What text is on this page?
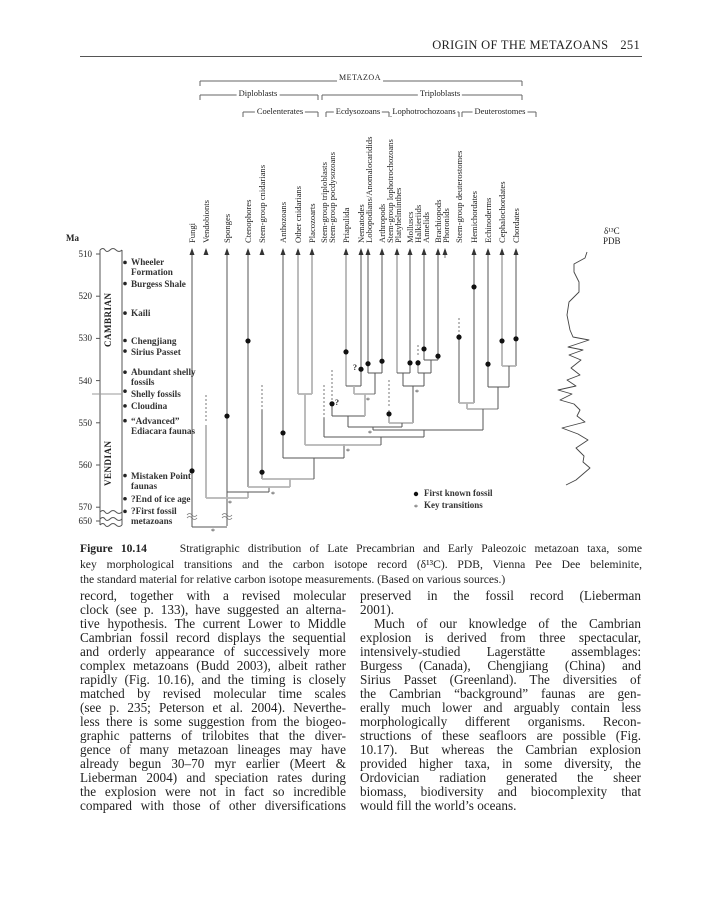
ORIGIN OF THE METAZOANS 251
*
*
*
*
*
*
*
*
METAZOA
Diploblasts	Triploblasts
Coelenterates	Ecdysozoans Lophotrochozoans Deuterostomes
Ma
CAMBRIAN
VENDIAN
δ¹³C
PDB
First known fossil
Key transitions
?
?
510
520
530
540
550
560
570
650
Wheeler
Formation
Burgess Shale
Kaili
Chengjiang
Sirius Passet
Abundant shelly
fossils
Shelly fossils
Cloudina
“Advanced”
Ediacara faunas
Mistaken Point
faunas
?End of ice age
?First fossil
metazoans
Fungi Vendobionts Sponges Ctenophores Stem-group cnidarians Anthozoans Other cnidarians Placozoarts Stem-group triploblasts
Stem-group pocdysozoans Priapulida Nematodes
Lobopodians/Anomalocaridids Arthropods
Stem-group lophotrochozoans
Platyhelminthes Molluscs
Halkieriids
Annelids Brachiopods
Phoronids Stem-group deuterostomes Hemichordates Echinoderms Cephalochordates Chordates
Figure 10.14	Stratigraphic distribution of Late Precambrian and Early Paleozoic metazoan taxa, some
key morphological transitions and the carbon isotope record (δ¹³C). PDB, Vienna Pee Dee beleminite,
the standard material for relative carbon isotope measurements. (Based on various sources.)
record, together with a revised molecular
clock (see p. 133), have suggested an alterna-
tive hypothesis. The current Lower to Middle
Cambrian fossil record displays the sequential
and orderly appearance of successively more
complex metazoans (Budd 2003), albeit rather
rapidly (Fig. 10.16), and the timing is closely
matched by revised molecular time scales
(see p. 235; Peterson et al. 2004). Neverthe-
less there is some suggestion from the biogeo-
graphic patterns of trilobites that the diver-
gence of many metazoan lineages may have
already begun 30–70 myr earlier (Meert &
Lieberman 2004) and speciation rates during
the explosion were not in fact so incredible
compared with those of other diversifications
preserved in the fossil record (Lieberman
2001).
Much of our knowledge of the Cambrian
explosion is derived from three spectacular,
intensively-studied Lagerstätte assemblages:
Burgess (Canada), Chengjiang (China) and
Sirius Passet (Greenland). The diversities of
the Cambrian “background” faunas are gen-
erally much lower and arguably contain less
morphologically different organisms. Recon-
structions of these seafloors are possible (Fig.
10.17). But whereas the Cambrian explosion
provided higher taxa, in some diversity, the
Ordovician radiation generated the sheer
biomass, biodiversity and biocomplexity that
would fill the world’s oceans.
